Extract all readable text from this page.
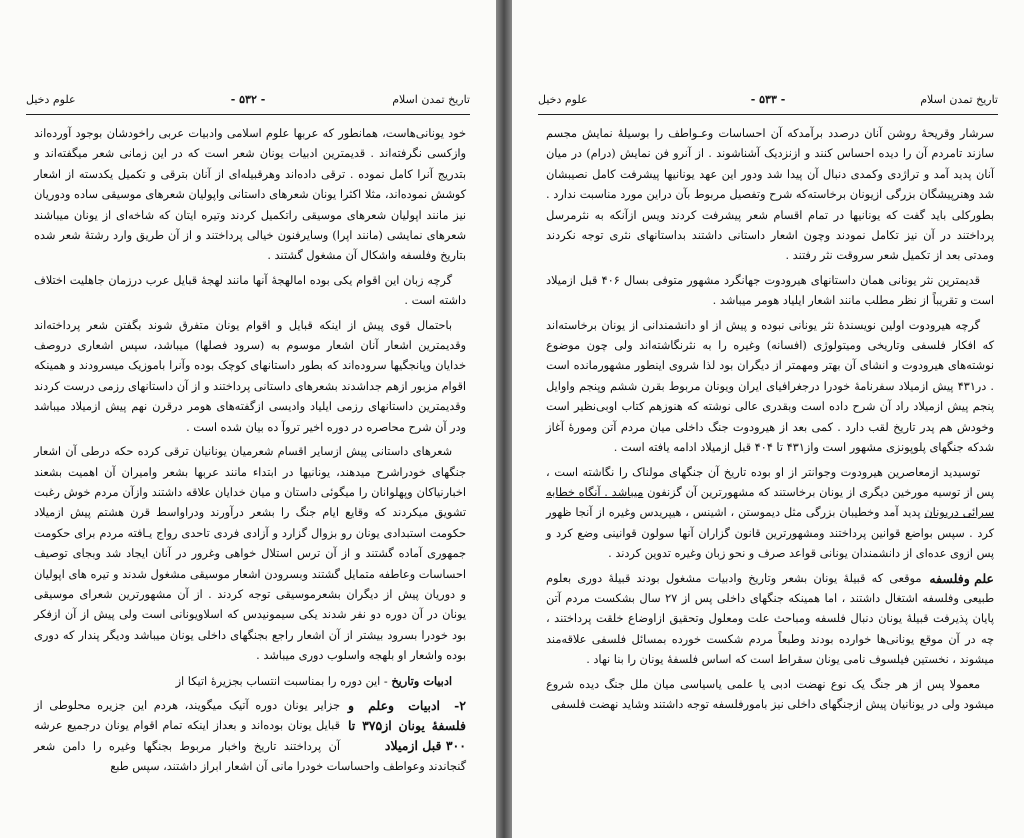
تاریخ تمدن اسلام
- ۵۳۲ -
علوم دخیل

خود یونانی‌هاست، همانطور که عربها علوم اسلامی وادبیات عربی راخودشان بوجود آورده‌اند وازکسی نگرفته‌اند . قدیمترین ادبیات یونان شعر است که در این زمانی شعر میگفته‌اند و بتدریج آنرا کامل نموده . ترقی داده‌اند وهرقبیله‌ای از آنان بترقی و تکمیل یکدسته از اشعار کوشش نموده‌اند، مثلا اکثرا یونان شعرهای داستانی واپولیان شعرهای موسیقی ساده ودوریان نیز مانند اپولیان شعرهای موسیقی راتکمیل کردند وتیره ایتان که شاخه‌ای از یونان میباشند شعرهای نمایشی (مانند اپرا) وسایرفنون خیالی پرداختند و از آن طریق وارد رشتهٔ شعر شده بتاریخ وفلسفه واشکال آن مشغول گشتند .

گرچه زبان این اقوام یکی بوده امالهجهٔ آنها مانند لهجهٔ قبایل عرب درزمان جاهلیت اختلاف داشته است .

باحتمال قوی پیش از اینکه قبایل و اقوام یونان متفرق شوند بگفتن شعر پرداخته‌اند وقدیمترین اشعار آنان اشعار موسوم به (سرود فصلها) میباشد، سپس اشعاری دروصف خدایان وپانجگیها سروده‌اند که بطور داستانهای کوچک بوده وآنرا باموزیک میسرودند و همینکه اقوام مزبور ازهم جداشدند بشعرهای داستانی پرداختند و از آن داستانهای رزمی درست کردند وقدیمترین داستانهای رزمی ایلیاد وادیسی ازگفته‌های هومر درقرن نهم پیش ازمیلاد میباشد ودر آن شرح محاصره در دوره اخیر تروآ ده بیان شده است .

شعرهای داستانی پیش ازسایر اقسام شعرمیان یونانیان ترقی کرده حکه درطی آن اشعار جنگهای خودراشرح میدهند، یونانیها در ابتداء مانند عربها بشعر وامیران آن اهمیت بشعند اخبارنیاکان وپهلوانان را میگوئی داستان و میان خدایان علاقه داشتند وازآن مردم خوش رغبت تشویق میکردند که وقایع ایام جنگ را بشعر درآورند ودراواسط قرن هشتم پیش ازمیلاد حکومت استبدادی یونان رو بزوال گزارد و آزادی فردی تاحدی رواج یـافته مردم برای حکومت جمهوری آماده گشتند و از آن ترس استلال خواهی وغرور در آنان ایجاد شد وبجای توصیف احساسات وعاطفه متمایل گشتند وبسرودن اشعار موسیقی مشغول شدند و تیره های اپولیان و دوریان پیش از دیگران بشعرموسیقی توجه کردند . از آن مشهورترین شعرای موسیقی یونان در آن دوره دو نفر شدند یکی سیمونیدس که اسلاویونانی است ولی پیش از آن ازفکر بود خودرا بسرود بیشتر از آن اشعار راجع بجنگهای داخلی یونان میباشد ودیگر پندار که دوری بوده واشعار او بلهجه واسلوب دوری میباشد .

ادبیات وتاریخ - این دوره را بمناسبت انتساب بجزیرهٔ اتیکا از

۲- ادبیات وعلم و فلسفهٔ یونان از۳۷۵ تا ۳۰۰ قبل ازمیلاد
جزایر یونان دوره آتیک میگویند، هردم این جزیره محلوطی از قبایل یونان بوده‌اند و بعداز اینکه تمام اقوام یونان درجمیع عرشه آن پرداختند تاریخ واخبار مربوط بجنگها وغیره را دامن شعر گنجاندند وعواطف واحساسات خودرا مانی آن اشعار ابراز داشتند، سپس طبع

تاریخ تمدن اسلام
- ۵۳۳ -
علوم دخیل

سرشار وقریحهٔ روشن آنان درصدد برآمدکه آن احساسات وعـواطف را بوسیلهٔ نمایش مجسم سازند تامردم آن را دیده احساس کنند و ازنزدیک آشناشوند . از آنرو فن نمایش (درام) در میان آنان پدید آمد و تراژدی وکمدی دنبال آن پیدا شد ودور این عهد یونانیها پیشرفت کامل نصیبشان شد وهنرپیشگان بزرگی ازیونان برخاسته‌که شرح وتفصیل مربوط بآن دراین مورد مناسبت ندارد . بطورکلی باید گفت که یونانیها در تمام اقسام شعر پیشرفت کردند ویس ازآنکه به نثرمرسل پرداختند در آن نیز تکامل نمودند وچون اشعار داستانی داشتند بداستانهای نثری توجه نکردند ومدتی بعد از تکمیل شعر سروقت نثر رفتند .

قدیمترین نثر یونانی همان داستانهای هیرودوت جهانگرد مشهور متوفی بسال ۴۰۶ قبل ازمیلاد است و تقریباً از نظر مطلب مانند اشعار ایلیاد هومر میباشد .

گرچه هیرودوت اولین نویسندهٔ نثر یونانی نبوده و پیش از او دانشمندانی از یونان برخاسته‌اند که افکار فلسفی وتاریخی ومیتولوژی (افسانه) وغیره را به نثرنگاشته‌اند ولی چون موضوع نوشته‌های هیرودوت و انشای آن بهتر ومهمتر از دیگران بود لذا شروی اینطور مشهورمانده است . در۴۳۱ پیش ازمیلاد سفرنامهٔ خودرا درجغرافیای ایران ویونان مربوط بقرن ششم وپنجم واوایل پنجم پیش ازمیلاد راد آن شرح داده است وبقدری عالی نوشته که هنوزهم کتاب اوبی‌نظیر است وخودش هم پدر تاریخ لقب دارد . کمی بعد از هیرودوت جنگ داخلی میان مردم آتن ومورهٔ آغاز شدکه جنگهای پلوپونزی مشهور است واز۴۳۱ تا ۴۰۴ قبل ازمیلاد ادامه یافته است .

توسیدید ازمعاصرین هیرودوت وجوانتر از او بوده تاریخ آن جنگهای مولناک را نگاشته است ، پس از توسیه مورخین دیگری از یونان برخاستند که مشهورترین آن گزنفون میباشد . آنگاه خطابه سرائی دریونان پدید آمد وخطیبان بزرگی مثل دیموستن ، اشینس ، هیپریدس وغیره از آنجا ظهور کرد . سپس بواضع قوانین پرداختند ومشهورترین قانون گزاران آنها سولون قوانینی وضع کرد و پس ازوی عده‌ای از دانشمندان یونانی قواعد صرف و نحو زبان وغیره تدوین کردند .

علم وفلسفه
موقعی که قبیلهٔ یونان بشعر وتاریخ وادبیات مشغول بودند قبیلهٔ دوری بعلوم طبیعی وفلسفه اشتغال داشتند ، اما همینکه جنگهای داخلی پس از ۲۷ سال بشکست مردم آتن پایان پذیرفت قبیلهٔ یونان دنبال فلسفه ومباحث علت ومعلول وتحقیق ازاوضاع خلقت پرداختند ، چه در آن موقع یونانی‌ها خوارده بودند وطبعاً مردم شکست خورده بمسائل فلسفی علاقه‌مند میشوند ، نخستین فیلسوف نامی یونان سقراط است که اساس فلسفهٔ یونان را بنا نهاد .

معمولا پس از هر جنگ یک نوع نهضت ادبی یا علمی یاسیاسی میان ملل جنگ دیده شروع میشود ولی در یونانیان پیش ازجنگهای داخلی نیز بامورفلسفه توجه داشتند وشاید نهضت فلسفی
